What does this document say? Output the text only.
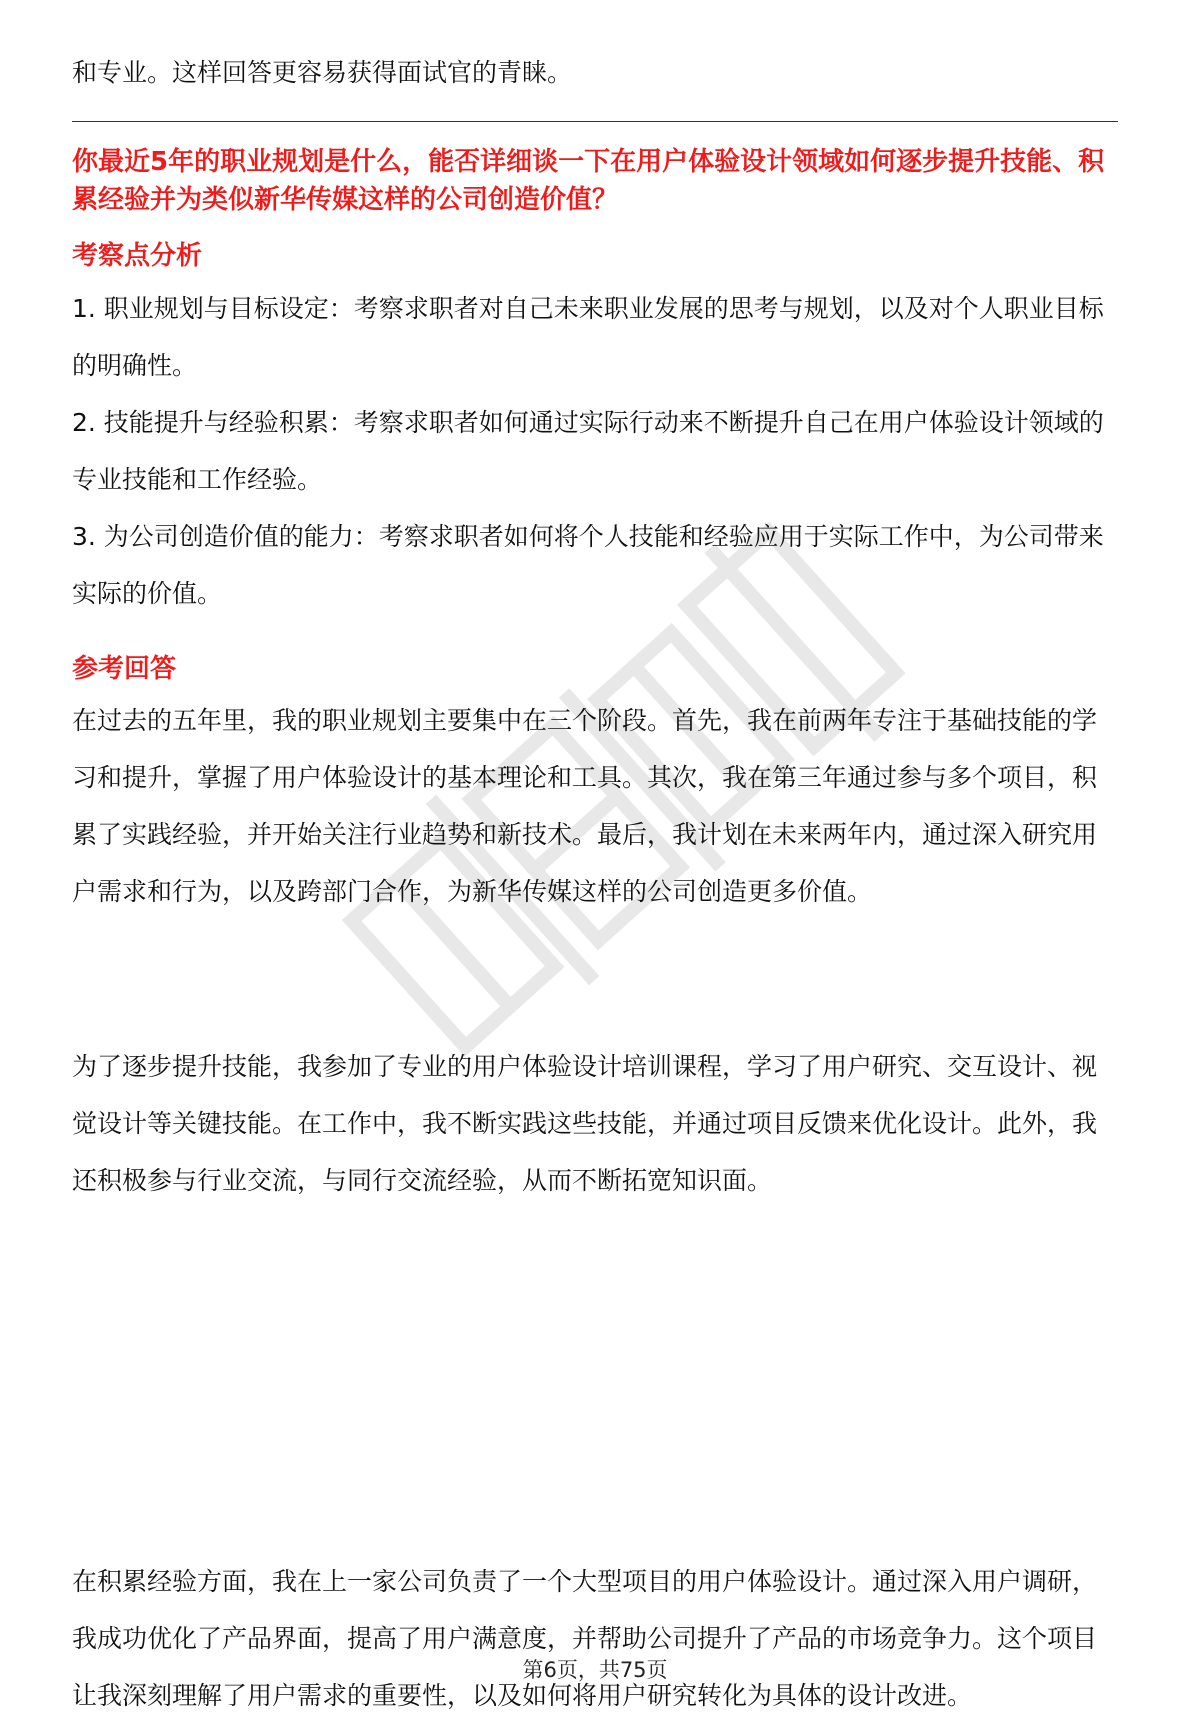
和专业。这样回答更容易获得面试官的青睐。

你最近5年的职业规划是什么，能否详细谈一下在用户体验设计领域如何逐步提升技能、积累经验并为类似新华传媒这样的公司创造价值？

考察点分析
1. 职业规划与目标设定：考察求职者对自己未来职业发展的思考与规划，以及对个人职业目标的明确性。
2. 技能提升与经验积累：考察求职者如何通过实际行动来不断提升自己在用户体验设计领域的专业技能和工作经验。
3. 为公司创造价值的能力：考察求职者如何将个人技能和经验应用于实际工作中，为公司带来实际的价值。
参考回答

在过去的五年里，我的职业规划主要集中在三个阶段。首先，我在前两年专注于基础技能的学习和提升，掌握了用户体验设计的基本理论和工具。其次，我在第三年通过参与多个项目，积累了实践经验，并开始关注行业趋势和新技术。最后，我计划在未来两年内，通过深入研究用户需求和行为，以及跨部门合作，为新华传媒这样的公司创造更多价值。

为了逐步提升技能，我参加了专业的用户体验设计培训课程，学习了用户研究、交互设计、视觉设计等关键技能。在工作中，我不断实践这些技能，并通过项目反馈来优化设计。此外，我还积极参与行业交流，与同行交流经验，从而不断拓宽知识面。

在积累经验方面，我在上一家公司负责了一个大型项目的用户体验设计。通过深入用户调研，我成功优化了产品界面，提高了用户满意度，并帮助公司提升了产品的市场竞争力。这个项目让我深刻理解了用户需求的重要性，以及如何将用户研究转化为具体的设计改进。

第6页，共75页
